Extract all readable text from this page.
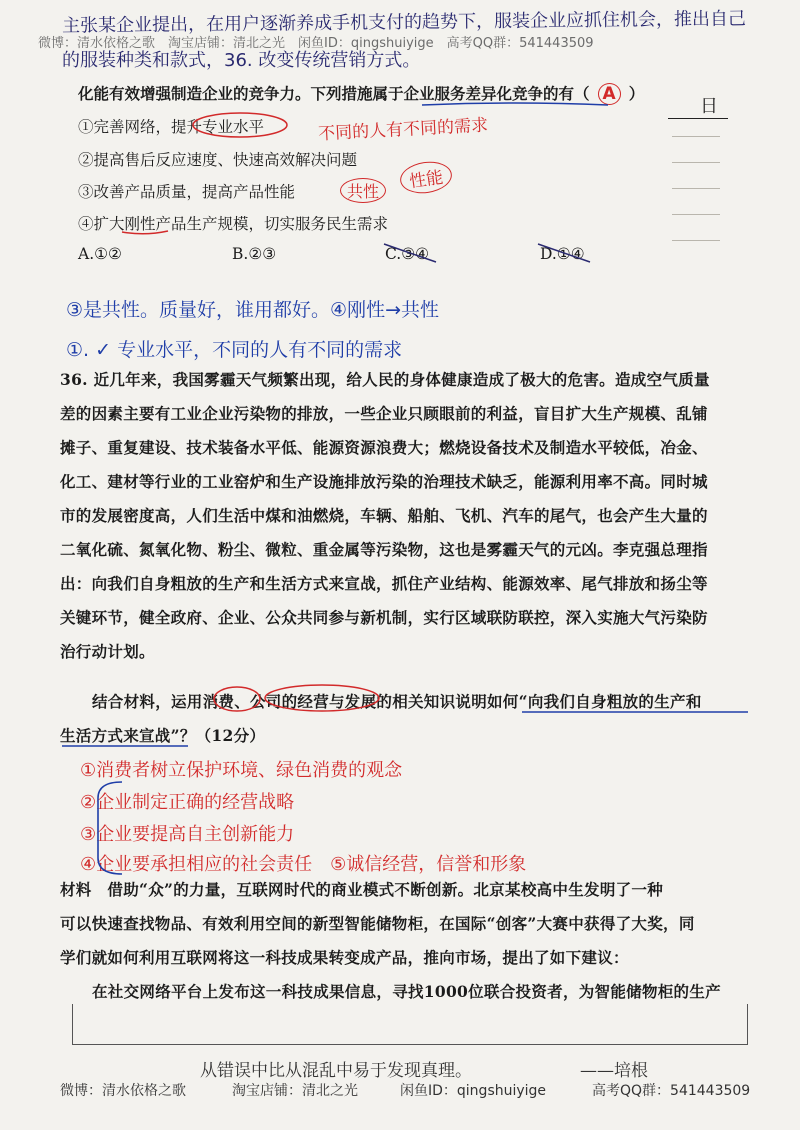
主张某企业提出，在用户逐渐养成手机支付的趋势下，服装企业应抓住机会，推出自己
的服装种类和款式，36. 改变传统营销方式。
微博：清水依格之歌　淘宝店铺：清北之光　闲鱼ID：qingshuiyige　高考QQ群：541443509
日
化能有效增强制造企业的竞争力。下列措施属于企业服务差异化竞争的有（ A ）
①完善网络，提升专业水平	不同的人有不同的需求
②提高售后反应速度、快速高效解决问题
③改善产品质量，提高产品性能	共性	性能
④扩大刚性产品生产规模，切实服务民生需求
A.①②	B.②③	C.③④	D.①④
③是共性。质量好，谁用都好。④刚性→共性
①. ✓ 专业水平，不同的人有不同的需求
36. 近几年来，我国雾霾天气频繁出现，给人民的身体健康造成了极大的危害。造成空气质量
差的因素主要有工业企业污染物的排放，一些企业只顾眼前的利益，盲目扩大生产规模、乱铺
摊子、重复建设、技术装备水平低、能源资源浪费大；燃烧设备技术及制造水平较低，冶金、
化工、建材等行业的工业窑炉和生产设施排放污染的治理技术缺乏，能源利用率不高。同时城
市的发展密度高，人们生活中煤和油燃烧，车辆、船舶、飞机、汽车的尾气，也会产生大量的
二氧化硫、氮氧化物、粉尘、微粒、重金属等污染物，这也是雾霾天气的元凶。李克强总理指
出：向我们自身粗放的生产和生活方式来宣战，抓住产业结构、能源效率、尾气排放和扬尘等
关键环节，健全政府、企业、公众共同参与新机制，实行区域联防联控，深入实施大气污染防
治行动计划。
结合材料，运用消费、公司的经营与发展的相关知识说明如何“向我们自身粗放的生产和
生活方式来宣战”？（12分）
①消费者树立保护环境、绿色消费的观念
②企业制定正确的经营战略
③企业要提高自主创新能力
④企业要承担相应的社会责任　⑤诚信经营，信誉和形象
材料　借助“众”的力量，互联网时代的商业模式不断创新。北京某校高中生发明了一种
可以快速查找物品、有效利用空间的新型智能储物柜，在国际“创客”大赛中获得了大奖，同
学们就如何利用互联网将这一科技成果转变成产品，推向市场，提出了如下建议：
在社交网络平台上发布这一科技成果信息，寻找1000位联合投资者，为智能储物柜的生产
从错误中比从混乱中易于发现真理。	——培根
微博：清水依格之歌	淘宝店铺：清北之光	闲鱼ID：qingshuiyige	高考QQ群：541443509
